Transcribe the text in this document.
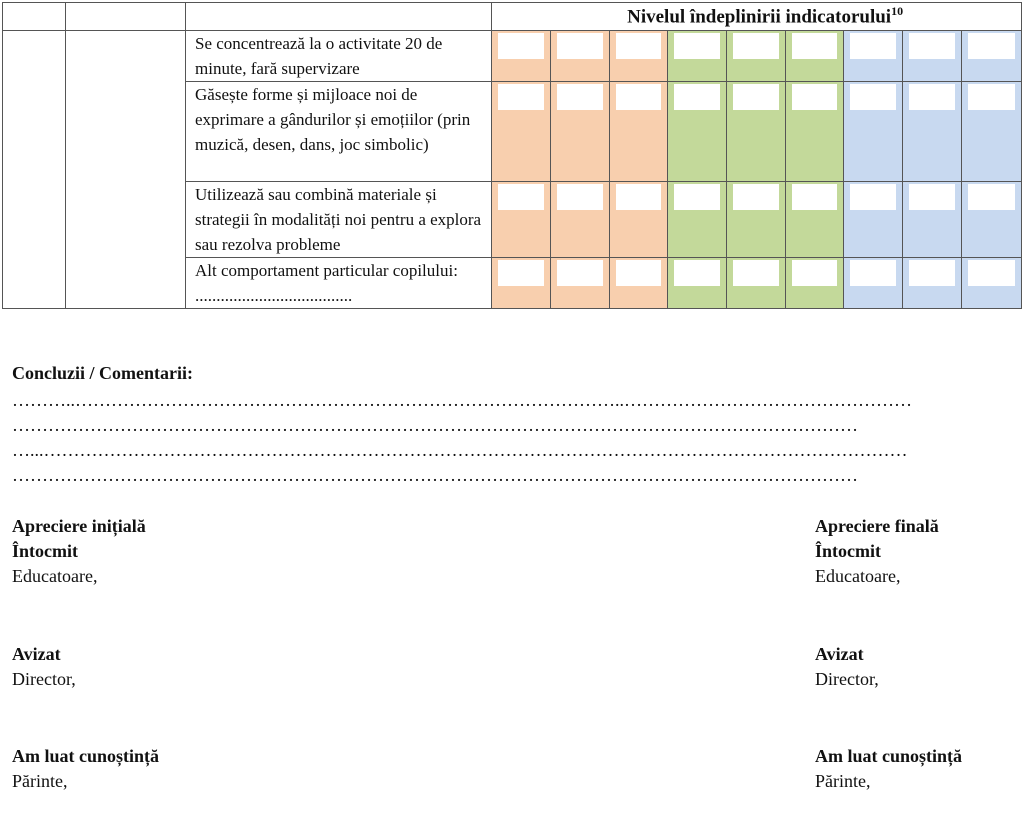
			Nivelul îndeplinirii indicatorului$^{10}$
		Se concentrează la o activitate 20 de minute, fară supervizare	

		Găsește forme și mijloace noi de exprimare a gândurilor și emoțiilor (prin muzică, desen, dans, joc simbolic)	

		Utilizează sau combină materiale și strategii în modalități noi pentru a explora sau rezolva probleme	

		Alt comportament particular copilului: .....................................	

Concluzii / Comentarii:
………..………………………………………………………………………………..…………………………………………
……………………………………………………………………………………………………………………………
…...………………………………………………………………………………………………………………………………
……………………………………………………………………………………………………………………………
Apreciere inițială
Întocmit
Educatoare,
Avizat
Director,
Am luat cunoștință
Părinte,
Apreciere finală
Întocmit
Educatoare,
Avizat
Director,
Am luat cunoștință
Părinte,
